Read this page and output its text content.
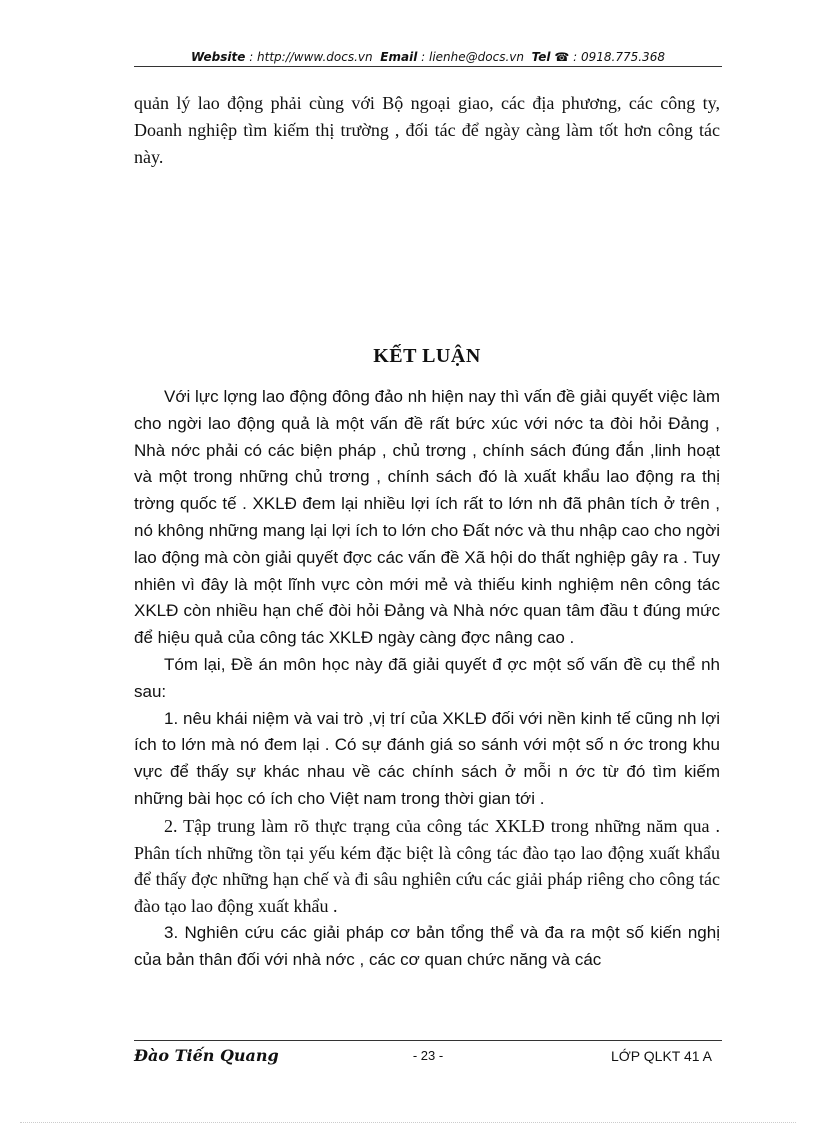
Website : http://www.docs.vn Email : lienhe@docs.vn Tel ☎ : 0918.775.368

quản lý lao động phải cùng với Bộ ngoại giao, các địa phương, các công ty, Doanh nghiệp tìm kiếm thị trường , đối tác để ngày càng làm tốt hơn công tác này.

KẾT LUẬN

Với lực lợng lao động đông đảo nh hiện nay thì vấn đề giải quyết việc làm cho ngời lao động quả là một vấn đề rất bức xúc với nớc ta đòi hỏi Đảng , Nhà nớc phải có các biện pháp , chủ trơng , chính sách đúng đắn ,linh hoạt và một trong những chủ trơng , chính sách đó là xuất khẩu lao động ra thị trờng quốc tế . XKLĐ đem lại nhiều lợi ích rất to lớn nh đã phân tích ở trên , nó không những mang lại lợi ích to lớn cho Đất nớc và thu nhập cao cho ngời lao động mà còn giải quyết đợc các vấn đề Xã hội do thất nghiệp gây ra . Tuy nhiên vì đây là một lĩnh vực còn mới mẻ và thiếu kinh nghiệm nên công tác XKLĐ còn nhiều hạn chế đòi hỏi Đảng và Nhà nớc quan tâm đầu t đúng mức để hiệu quả của công tác XKLĐ ngày càng đợc nâng cao .

Tóm lại, Đề án môn học này đã giải quyết đ ợc một số vấn đề cụ thể nh sau:

1. nêu khái niệm và vai trò ,vị trí của XKLĐ đối với nền kinh tế cũng nh lợi ích to lớn mà nó đem lại . Có sự đánh giá so sánh với một số n ớc trong khu vực để thấy sự khác nhau về các chính sách ở mỗi n ớc từ đó tìm kiếm những bài học có ích cho Việt nam trong thời gian tới .

2. Tập trung làm rõ thực trạng của công tác XKLĐ trong những năm qua . Phân tích những tồn tại yếu kém đặc biệt là công tác đào tạo lao động xuất khẩu để thấy đợc những hạn chế và đi sâu nghiên cứu các giải pháp riêng cho công tác đào tạo lao động xuất khẩu .

3. Nghiên cứu các giải pháp cơ bản tổng thể và đa ra một số kiến nghị của bản thân đối với nhà nớc , các cơ quan chức năng và các

Đào Tiến Quang	- 23 -	LỚP QLKT 41 A
